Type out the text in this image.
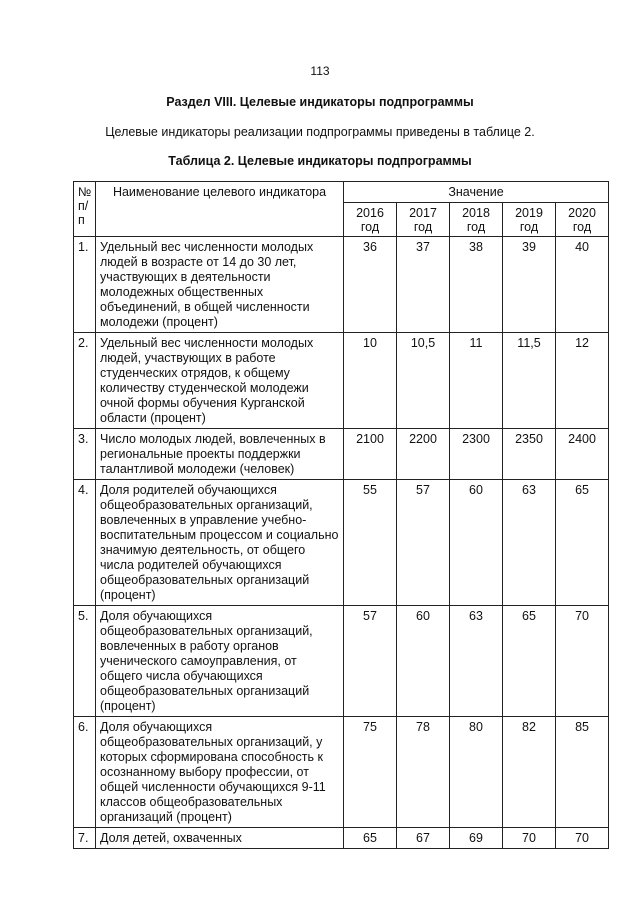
113
Раздел VIII. Целевые индикаторы подпрограммы
Целевые индикаторы реализации подпрограммы приведены в таблице 2.
Таблица 2. Целевые индикаторы подпрограммы
№ п/п	Наименование целевого индикатора	Значение				
		2016 год	2017 год	2018 год	2019 год	2020 год
1.	Удельный вес численности молодых людей в возрасте от 14 до 30 лет, участвующих в деятельности молодежных общественных объединений, в общей численности молодежи (процент)	36	37	38	39	40
2.	Удельный вес численности молодых людей, участвующих в работе студенческих отрядов, к общему количеству студенческой молодежи очной формы обучения Курганской области (процент)	10	10,5	11	11,5	12
3.	Число молодых людей, вовлеченных в региональные проекты поддержки талантливой молодежи (человек)	2100	2200	2300	2350	2400
4.	Доля родителей обучающихся общеобразовательных организаций, вовлеченных в управление учебно-воспитательным процессом и социально значимую деятельность, от общего числа родителей обучающихся общеобразовательных организаций (процент)	55	57	60	63	65
5.	Доля обучающихся общеобразовательных организаций, вовлеченных в работу органов ученического самоуправления, от общего числа обучающихся общеобразовательных организаций (процент)	57	60	63	65	70
6.	Доля обучающихся общеобразовательных организаций, у которых сформирована способность к осознанному выбору профессии, от общей численности обучающихся 9-11 классов общеобразовательных организаций (процент)	75	78	80	82	85
7.	Доля детей, охваченных	65	67	69	70	70
